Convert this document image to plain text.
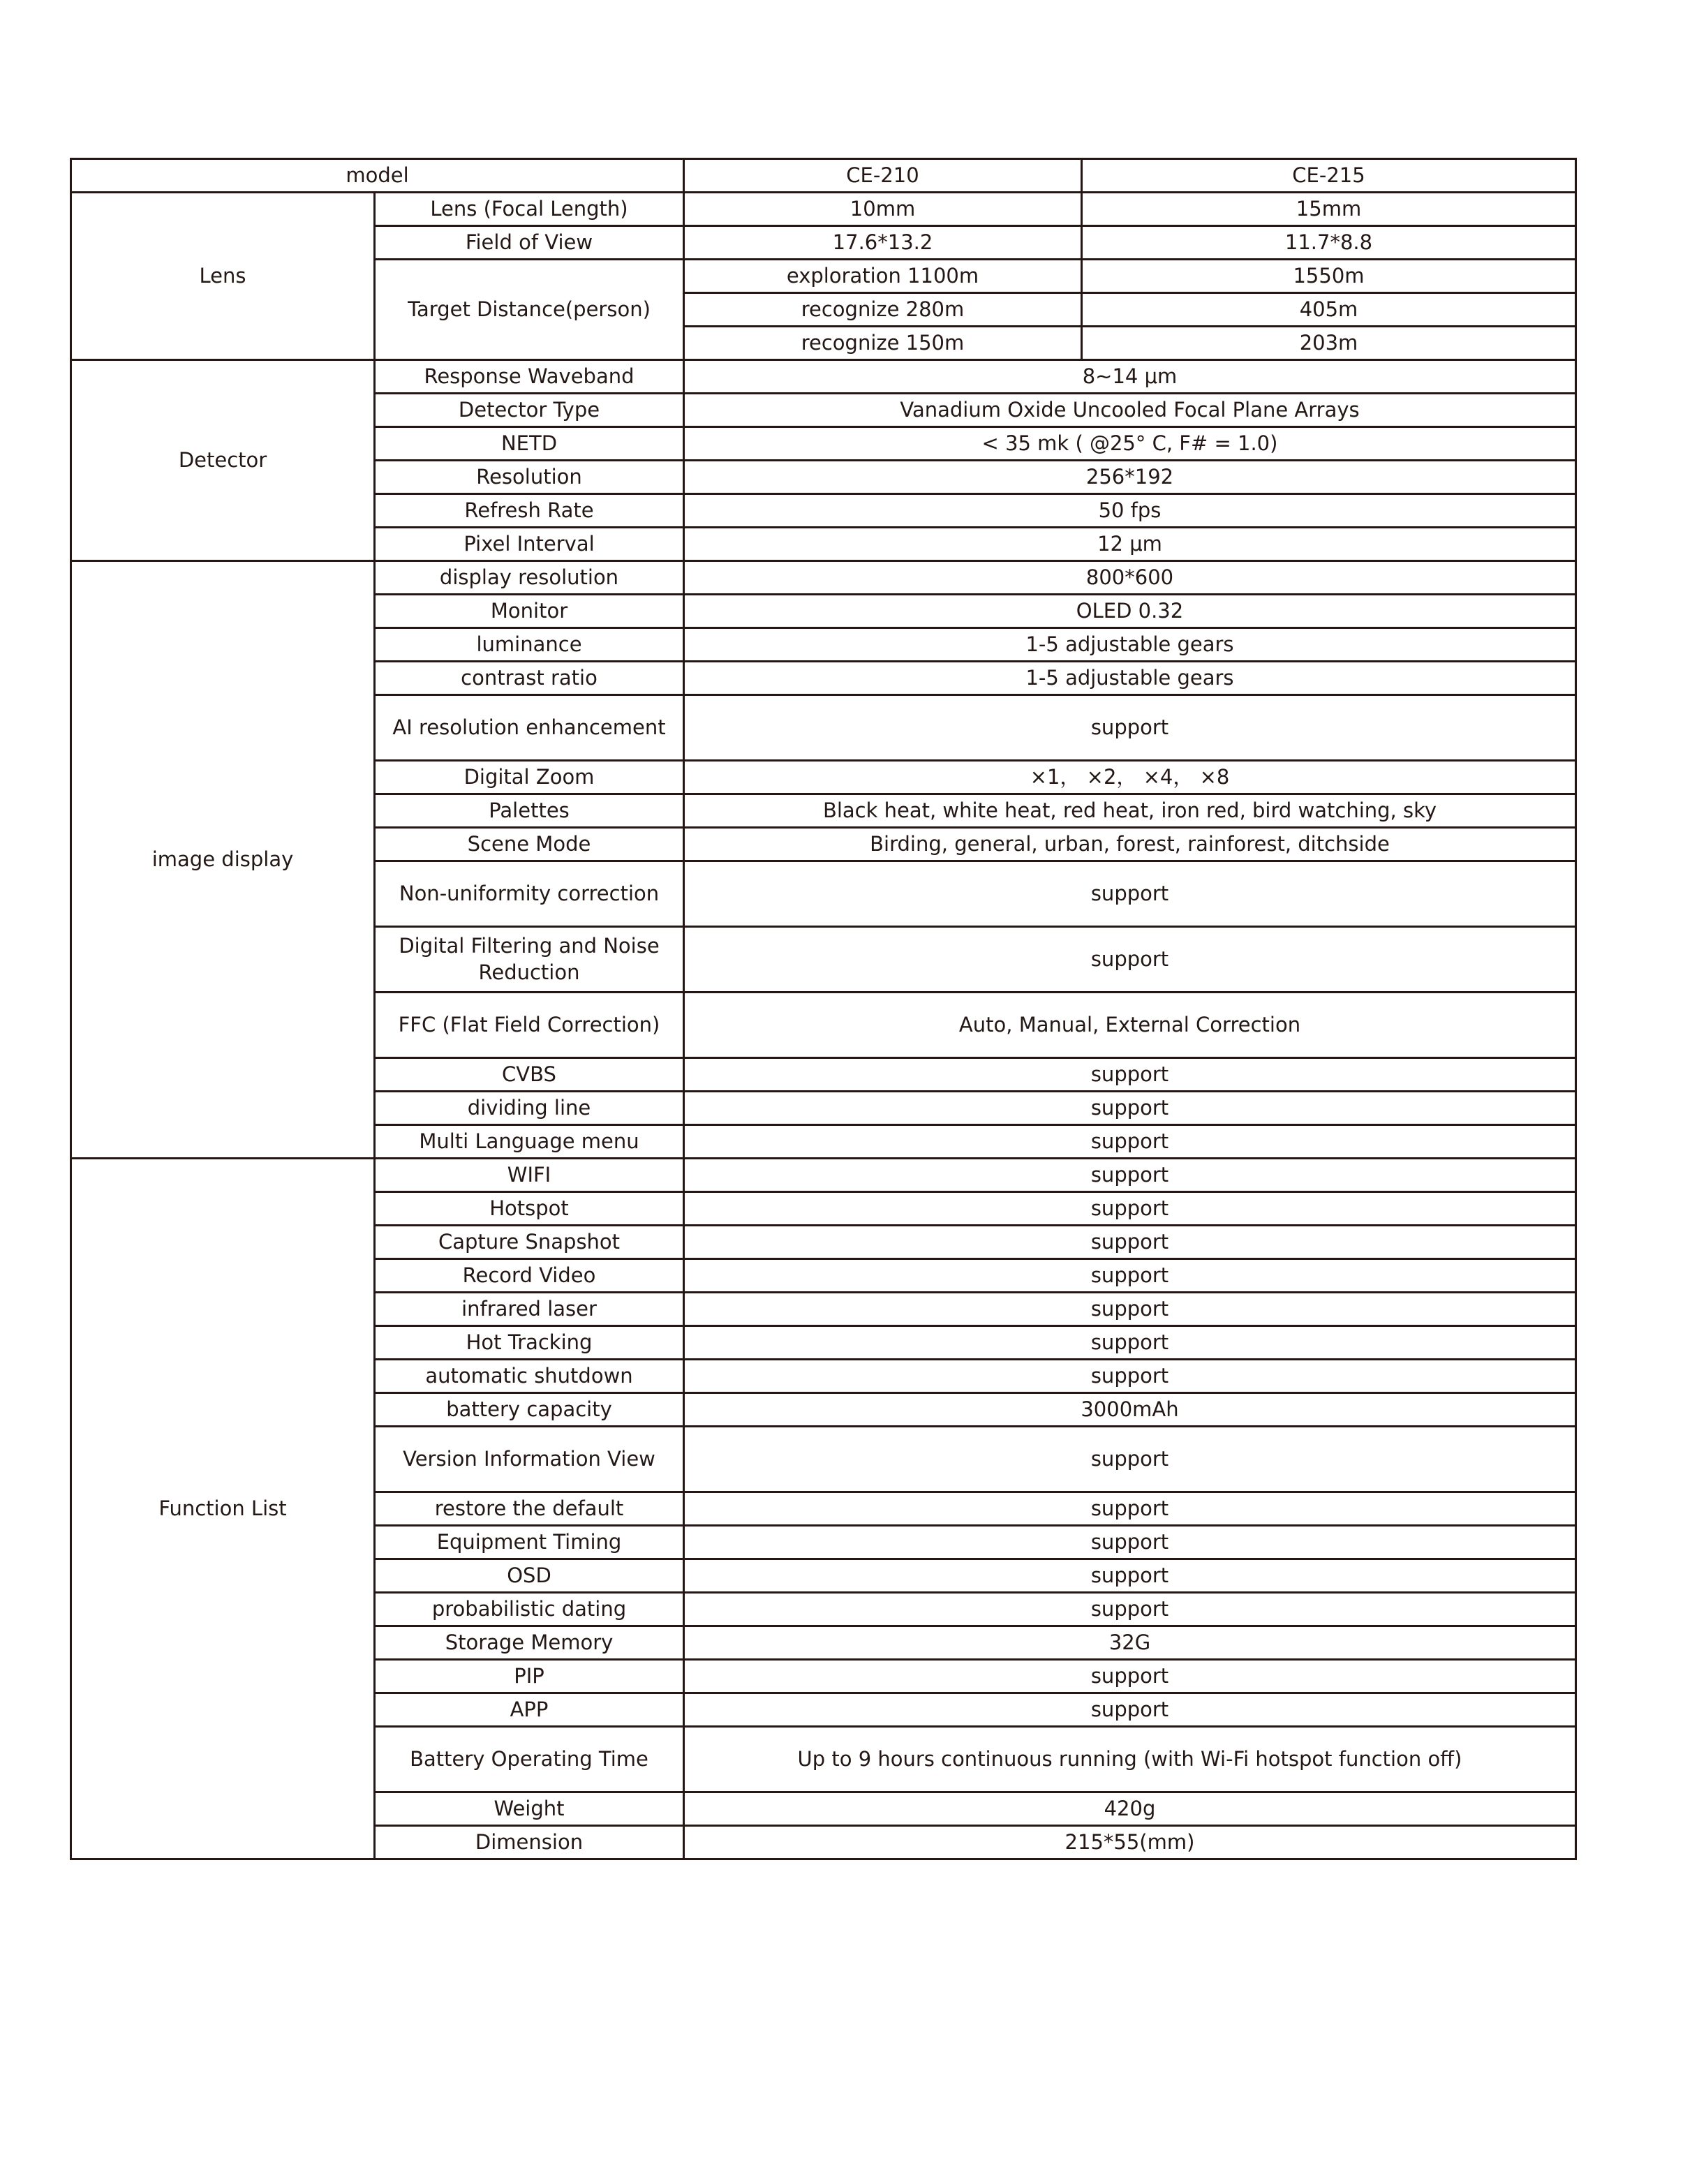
model		CE-210	CE-215
Lens	Lens (Focal Length)	10mm	15mm
	Field of View	17.6*13.2	11.7*8.8
	Target Distance(person)	exploration 1100m	1550m
		recognize 280m	405m
		recognize 150m	203m
Detector	Response Waveband	8~14 μm	
	Detector Type	Vanadium Oxide Uncooled Focal Plane Arrays	
	NETD	< 35 mk ( @25° C, F# = 1.0)	
	Resolution	256*192	
	Refresh Rate	50 fps	
	Pixel Interval	12 μm	
image display	display resolution	800*600	
	Monitor	OLED 0.32	
	luminance	1-5 adjustable gears	
	contrast ratio	1-5 adjustable gears	
	AI resolution enhancement	support	
	Digital Zoom	×1， ×2， ×4， ×8	
	Palettes	Black heat, white heat, red heat, iron red, bird watching, sky	
	Scene Mode	Birding, general, urban, forest, rainforest, ditchside	
	Non-uniformity correction	support	
	Digital Filtering and Noise Reduction	support	
	FFC (Flat Field Correction)	Auto, Manual, External Correction	
	CVBS	support	
	dividing line	support	
	Multi Language menu	support	
Function List	WIFI	support	
	Hotspot	support	
	Capture Snapshot	support	
	Record Video	support	
	infrared laser	support	
	Hot Tracking	support	
	automatic shutdown	support	
	battery capacity	3000mAh	
	Version Information View	support	
	restore the default	support	
	Equipment Timing	support	
	OSD	support	
	probabilistic dating	support	
	Storage Memory	32G	
	PIP	support	
	APP	support	
	Battery Operating Time	Up to 9 hours continuous running (with Wi-Fi hotspot function off)	
	Weight	420g	
	Dimension	215*55(mm)	
